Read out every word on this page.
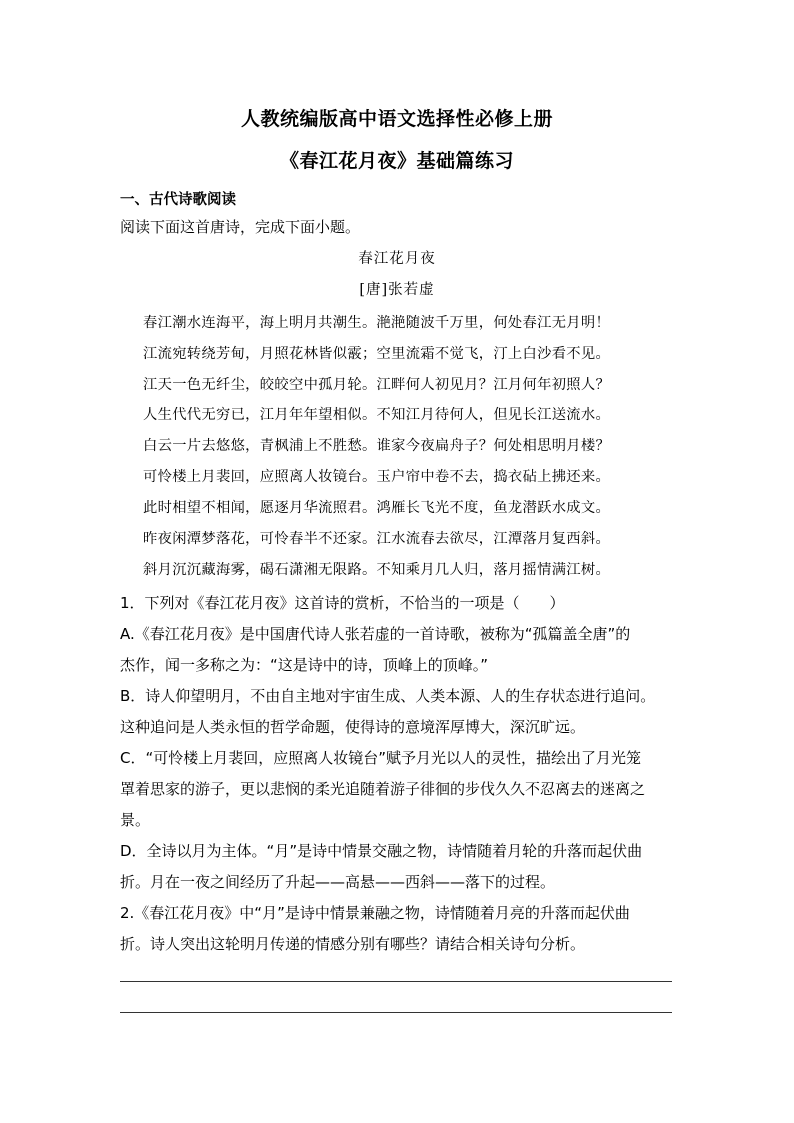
人教统编版高中语文选择性必修上册
《春江花月夜》基础篇练习
一、古代诗歌阅读
阅读下面这首唐诗，完成下面小题。
春江花月夜
[唐]张若虚
春江潮水连海平，海上明月共潮生。滟滟随波千万里，何处春江无月明！
江流宛转绕芳甸，月照花林皆似霰；空里流霜不觉飞，汀上白沙看不见。
江天一色无纤尘，皎皎空中孤月轮。江畔何人初见月？江月何年初照人？
人生代代无穷已，江月年年望相似。不知江月待何人，但见长江送流水。
白云一片去悠悠，青枫浦上不胜愁。谁家今夜扁舟子？何处相思明月楼？
可怜楼上月裴回，应照离人妆镜台。玉户帘中卷不去，捣衣砧上拂还来。
此时相望不相闻，愿逐月华流照君。鸿雁长飞光不度，鱼龙潜跃水成文。
昨夜闲潭梦落花，可怜春半不还家。江水流春去欲尽，江潭落月复西斜。
斜月沉沉藏海雾，碣石潇湘无限路。不知乘月几人归，落月摇情满江树。
1．下列对《春江花月夜》这首诗的赏析，不恰当的一项是（　　）
A.《春江花月夜》是中国唐代诗人张若虚的一首诗歌，被称为“孤篇盖全唐”的
杰作，闻一多称之为：“这是诗中的诗，顶峰上的顶峰。”
B．诗人仰望明月，不由自主地对宇宙生成、人类本源、人的生存状态进行追问。
这种追问是人类永恒的哲学命题，使得诗的意境浑厚博大，深沉旷远。
C．“可怜楼上月裴回，应照离人妆镜台”赋予月光以人的灵性，描绘出了月光笼
罩着思家的游子，更以悲悯的柔光追随着游子徘徊的步伐久久不忍离去的迷离之
景。
D．全诗以月为主体。“月”是诗中情景交融之物，诗情随着月轮的升落而起伏曲
折。月在一夜之间经历了升起——高悬——西斜——落下的过程。
2.《春江花月夜》中“月”是诗中情景兼融之物，诗情随着月亮的升落而起伏曲
折。诗人突出这轮明月传递的情感分别有哪些？请结合相关诗句分析。
